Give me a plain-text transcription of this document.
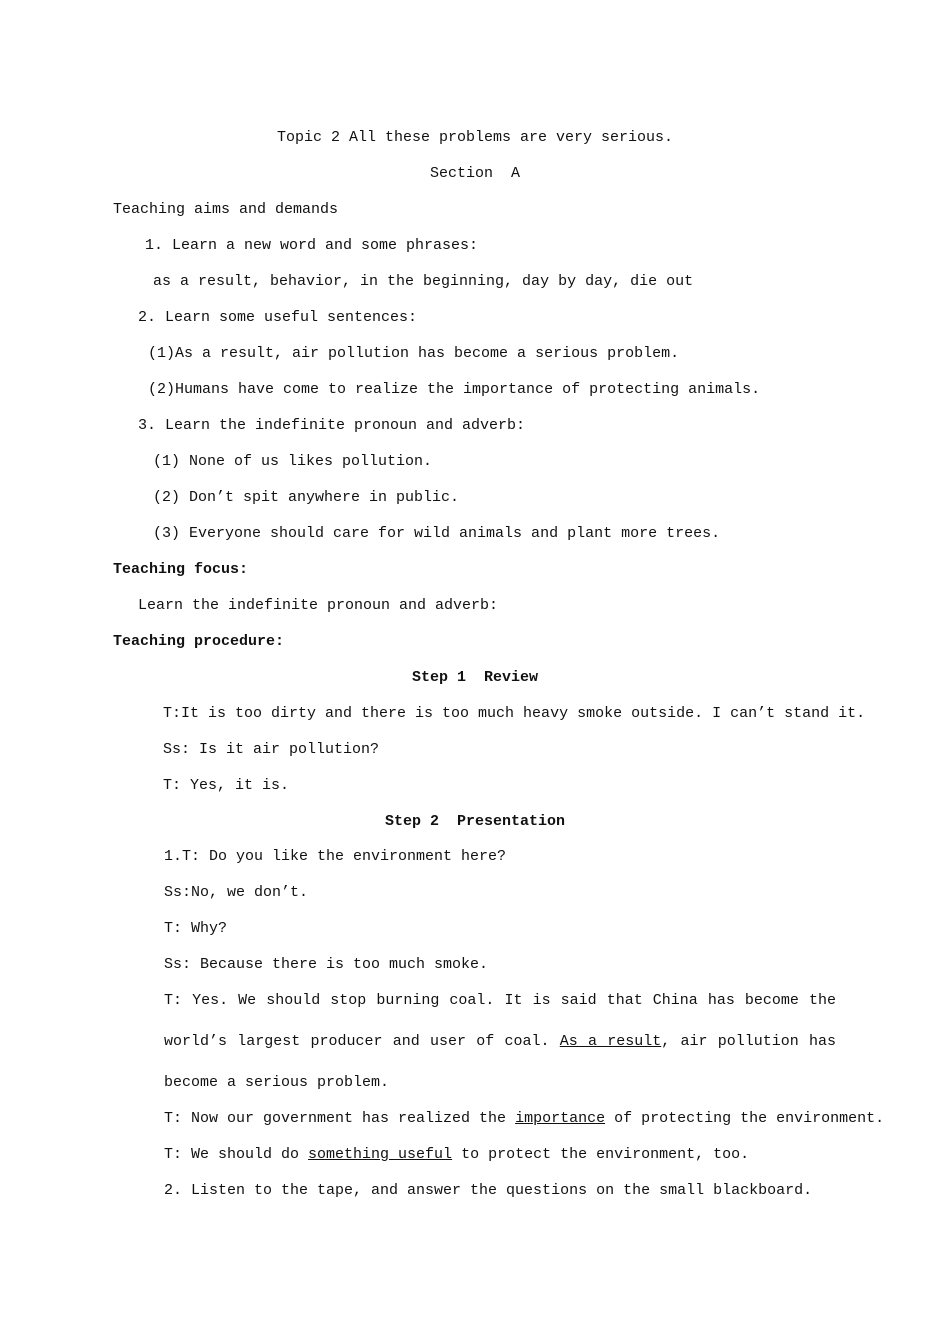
Topic 2 All these problems are very serious.
Section  A
Teaching aims and demands
1. Learn a new word and some phrases:
as a result, behavior, in the beginning, day by day, die out
2. Learn some useful sentences:
(1)As a result, air pollution has become a serious problem.
(2)Humans have come to realize the importance of protecting animals.
3. Learn the indefinite pronoun and adverb:
(1) None of us likes pollution.
(2) Don’t spit anywhere in public.
(3) Everyone should care for wild animals and plant more trees.
Teaching focus:
Learn the indefinite pronoun and adverb:
Teaching procedure:
Step 1  Review
T:It is too dirty and there is too much heavy smoke outside. I can’t stand it.
Ss: Is it air pollution?
T: Yes, it is.
Step 2  Presentation
1.T: Do you like the environment here?
Ss:No, we don’t.
T: Why?
Ss: Because there is too much smoke.
T: Yes. We should stop burning coal. It is said that China has become the
world’s largest producer and user of coal. As a result, air pollution has
become a serious problem.
T: Now our government has realized the importance of protecting the environment.
T: We should do something useful to protect the environment, too.
2. Listen to the tape, and answer the questions on the small blackboard.
